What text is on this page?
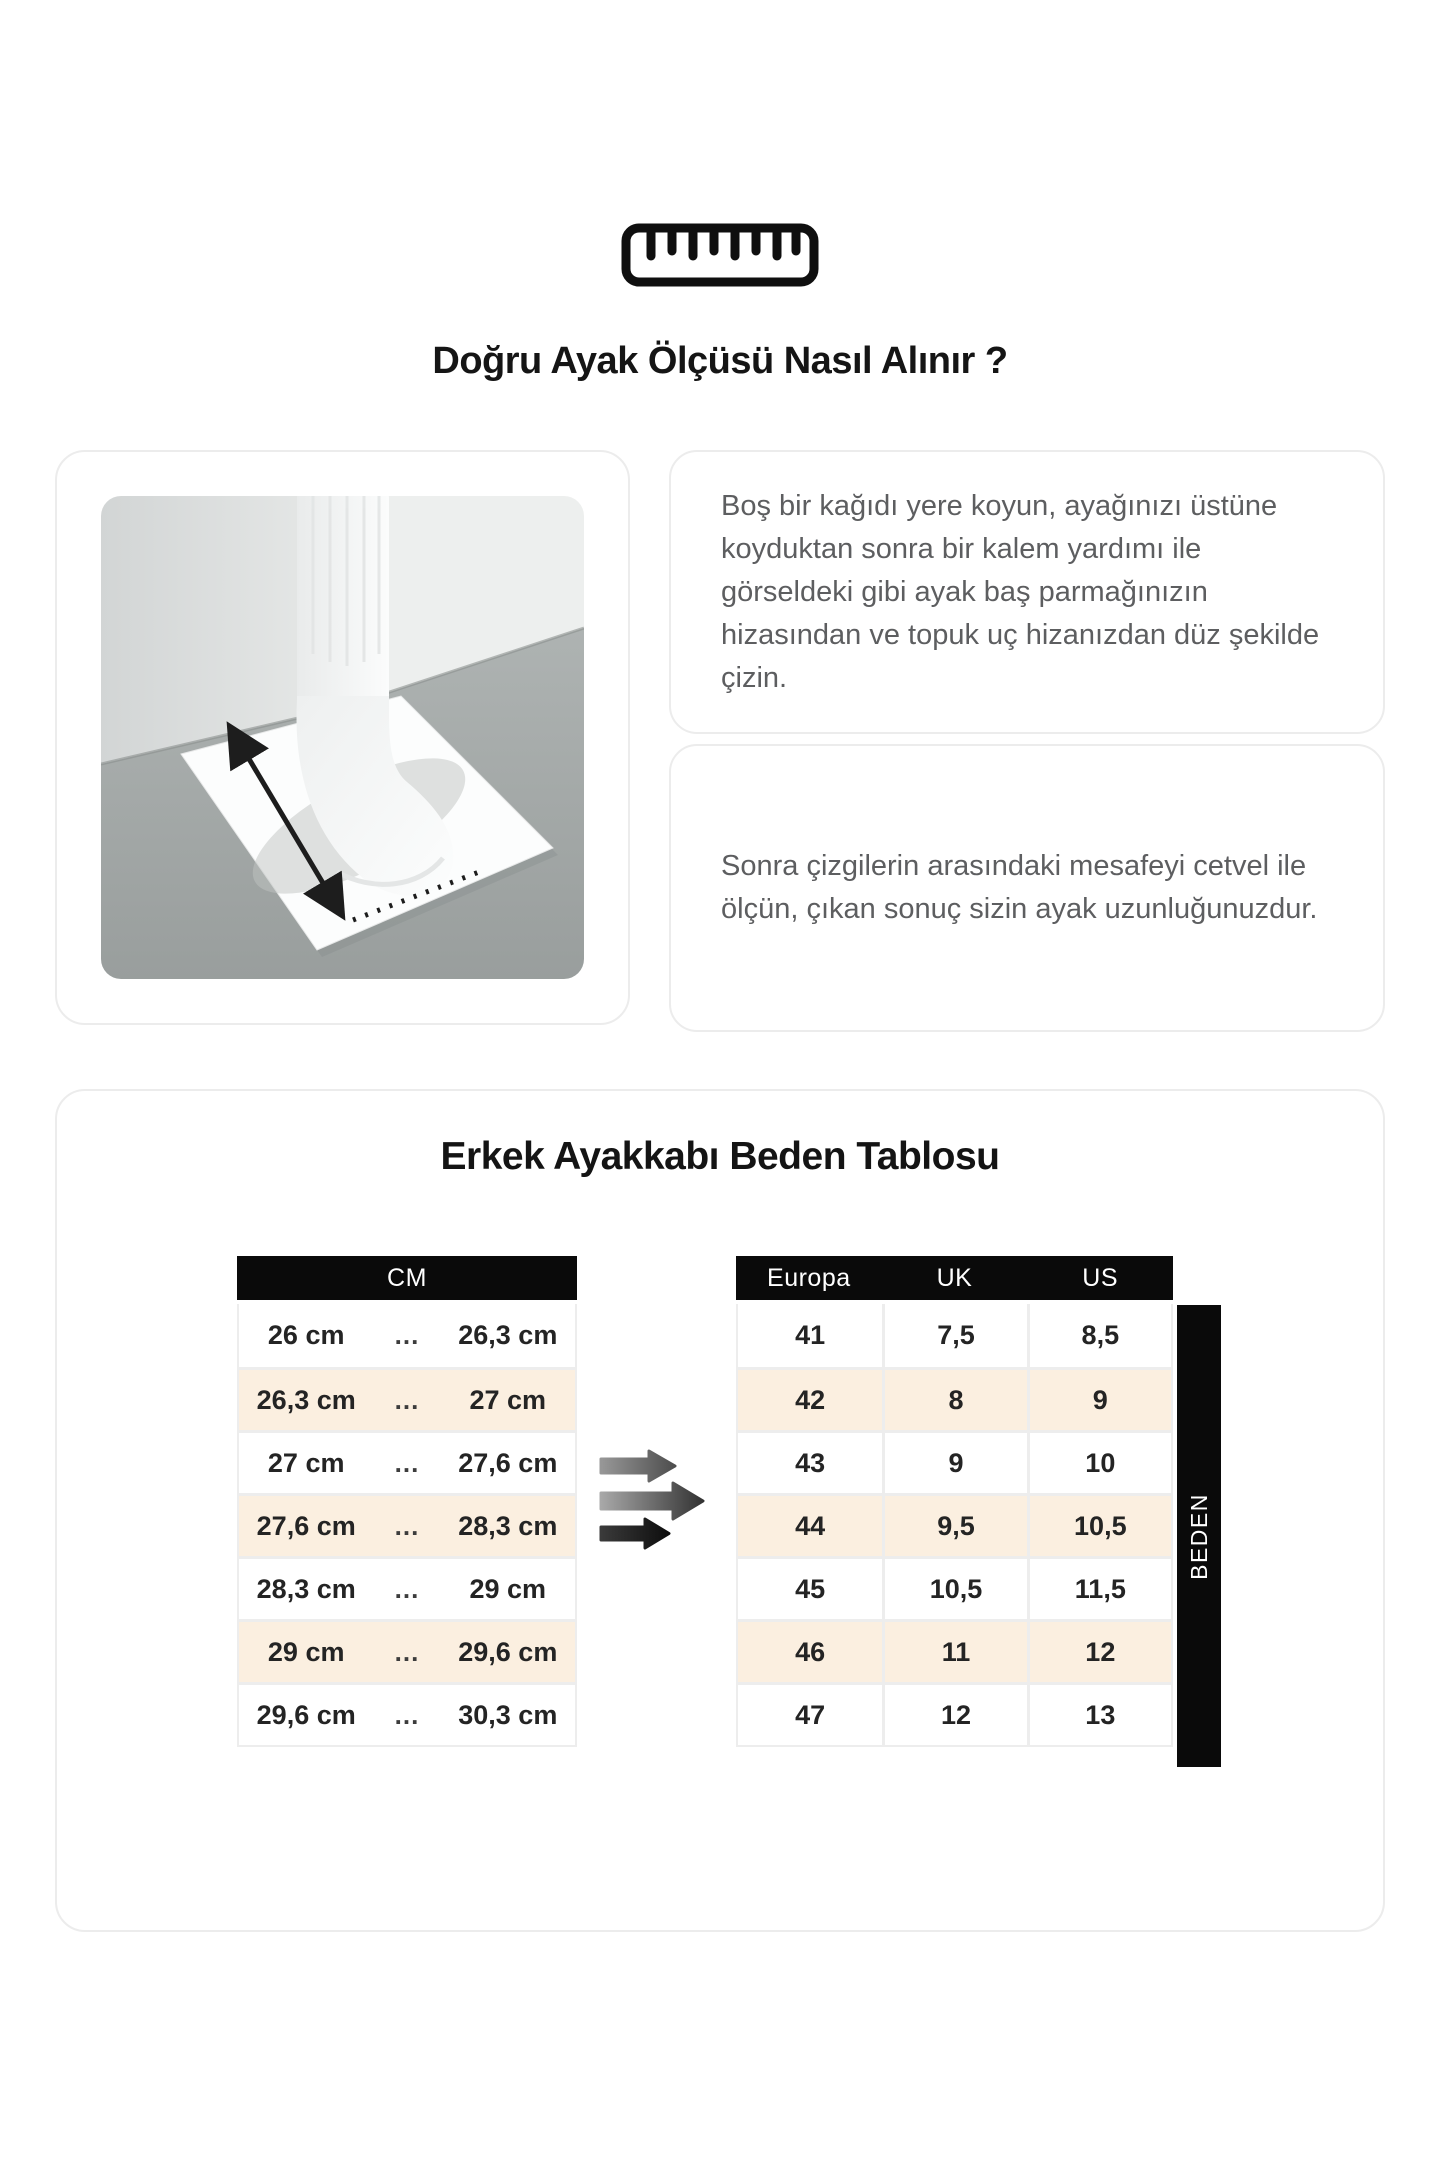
Doğru Ayak Ölçüsü Nasıl Alınır ?

Boş bir kağıdı yere koyun, ayağınızı üstüne koyduktan sonra bir kalem yardımı ile görseldeki gibi ayak baş parmağınızın hizasından ve topuk uç hizanızdan düz şekilde çizin.

Sonra çizgilerin arasındaki mesafeyi cetvel ile ölçün, çıkan sonuç sizin ayak uzunluğunuzdur.

Erkek Ayakkabı Beden Tablosu
CM
26 cm	...	26,3 cm
26,3 cm	...	27 cm
27 cm	...	27,6 cm
27,6 cm	...	28,3 cm
28,3 cm	...	29 cm
29 cm	...	29,6 cm
29,6 cm	...	30,3 cm
Europa	UK	US
41	7,5	8,5
42	8	9
43	9	10
44	9,5	10,5
45	10,5	11,5
46	11	12
47	12	13
BEDEN
